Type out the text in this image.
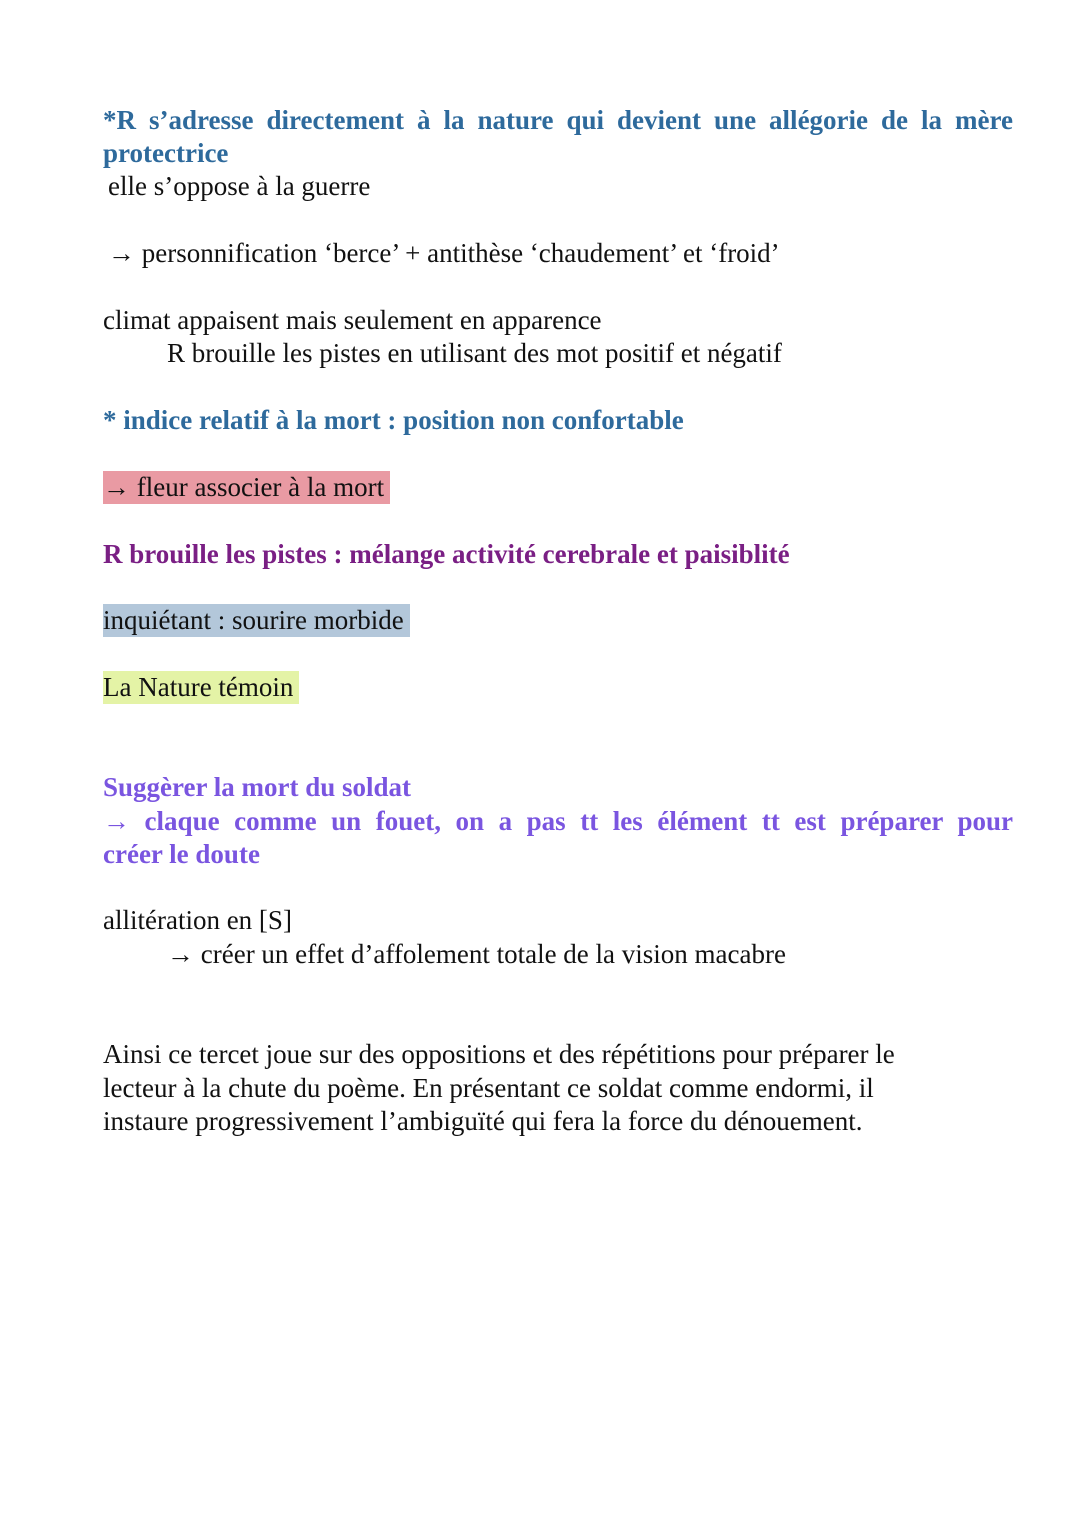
*R s’adresse directement à la nature qui devient une allégorie de la mère
protectrice
elle s’oppose à la guerre
→ personnification ‘berce’ + antithèse ‘chaudement’ et ‘froid’
climat appaisent mais seulement en apparence
R brouille les pistes en utilisant des mot positif et négatif
* indice relatif à la mort : position non confortable
→ fleur associer à la mort
R brouille les pistes : mélange activité cerebrale et paisiblité
inquiétant : sourire morbide
La Nature témoin
Suggèrer la mort du soldat
→ claque comme un fouet, on a pas tt les élément tt est préparer pour
créer le doute
allitération en [S]
→ créer un effet d’affolement totale de la vision macabre
Ainsi ce tercet joue sur des oppositions et des répétitions pour préparer le
lecteur à la chute du poème. En présentant ce soldat comme endormi, il
instaure progressivement l’ambiguïté qui fera la force du dénouement.
